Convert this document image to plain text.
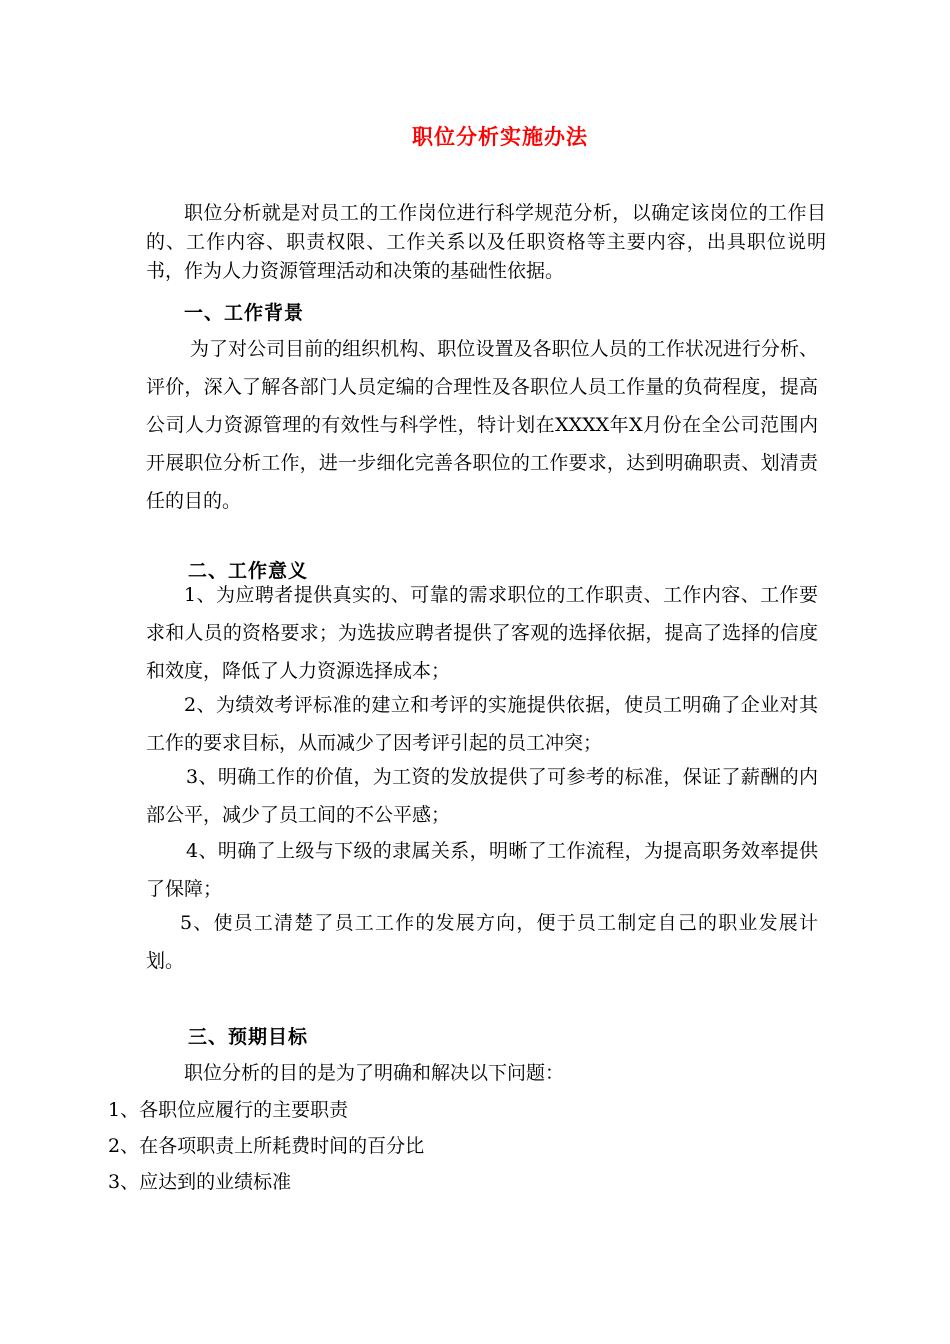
职位分析实施办法
职位分析就是对员工的工作岗位进行科学规范分析，以确定该岗位的工作目的、工作内容、职责权限、工作关系以及任职资格等主要内容，出具职位说明书，作为人力资源管理活动和决策的基础性依据。
一、工作背景
为了对公司目前的组织机构、职位设置及各职位人员的工作状况进行分析、评价，深入了解各部门人员定编的合理性及各职位人员工作量的负荷程度，提高公司人力资源管理的有效性与科学性，特计划在XXXX年X月份在全公司范围内开展职位分析工作，进一步细化完善各职位的工作要求，达到明确职责、划清责任的目的。
二、工作意义
1、为应聘者提供真实的、可靠的需求职位的工作职责、工作内容、工作要求和人员的资格要求；为选拔应聘者提供了客观的选择依据，提高了选择的信度和效度，降低了人力资源选择成本；
2、为绩效考评标准的建立和考评的实施提供依据，使员工明确了企业对其工作的要求目标，从而减少了因考评引起的员工冲突；
3、明确工作的价值，为工资的发放提供了可参考的标准，保证了薪酬的内部公平，减少了员工间的不公平感；
4、明确了上级与下级的隶属关系，明晰了工作流程，为提高职务效率提供了保障；
5、使员工清楚了员工工作的发展方向，便于员工制定自己的职业发展计划。
三、预期目标
职位分析的目的是为了明确和解决以下问题：
1、各职位应履行的主要职责
2、在各项职责上所耗费时间的百分比
3、应达到的业绩标准
